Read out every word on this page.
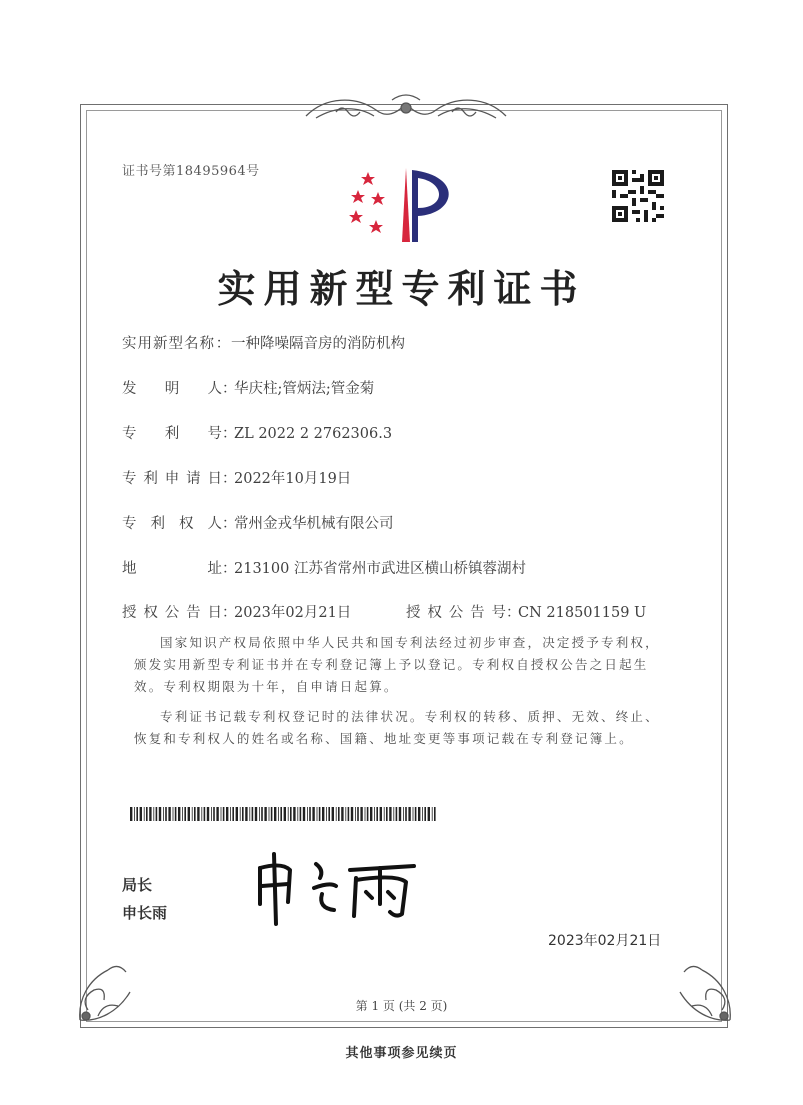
证书号第18495964号
实用新型专利证书
实用新型名称：一种降噪隔音房的消防机构
发明人：华庆柱;管炳法;管金菊
专利号：ZL 2022 2 2762306.3
专利申请日：2022年10月19日
专利权人：常州金戎华机械有限公司
地址：213100 江苏省常州市武进区横山桥镇蓉湖村
授权公告日：2023年02月21日	授权公告号：CN 218501159 U
国家知识产权局依照中华人民共和国专利法经过初步审查，决定授予专利权，颁发实用新型专利证书并在专利登记簿上予以登记。专利权自授权公告之日起生效。专利权期限为十年，自申请日起算。
专利证书记载专利权登记时的法律状况。专利权的转移、质押、无效、终止、恢复和专利权人的姓名或名称、国籍、地址变更等事项记载在专利登记簿上。
局长
申长雨
2023年02月21日
第 1 页 (共 2 页)
其他事项参见续页
